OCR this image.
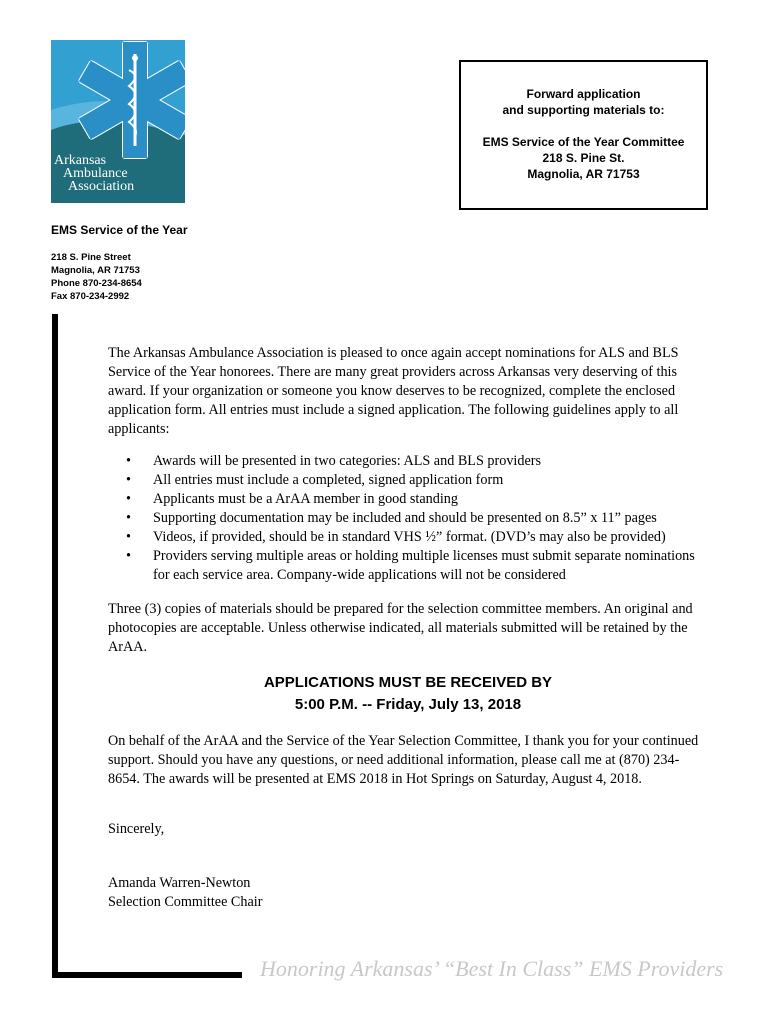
Arkansas
Ambulance
Association
Forward application
and supporting materials to:
EMS Service of the Year Committee
218 S. Pine St.
Magnolia, AR 71753
EMS Service of the Year
218 S. Pine Street
Magnolia, AR 71753
Phone 870-234-8654
Fax 870-234-2992
The Arkansas Ambulance Association is pleased to once again accept nominations for ALS and BLS Service of the Year honorees. There are many great providers across Arkansas very deserving of this award. If your organization or someone you know deserves to be recognized, complete the enclosed application form. All entries must include a signed application. The following guidelines apply to all applicants:
• Awards will be presented in two categories: ALS and BLS providers
• All entries must include a completed, signed application form
• Applicants must be a ArAA member in good standing
• Supporting documentation may be included and should be presented on 8.5” x 11” pages
• Videos, if provided, should be in standard VHS ½” format. (DVD’s may also be provided)
• Providers serving multiple areas or holding multiple licenses must submit separate nominations for each service area. Company-wide applications will not be considered
Three (3) copies of materials should be prepared for the selection committee members. An original and photocopies are acceptable. Unless otherwise indicated, all materials submitted will be retained by the ArAA.
APPLICATIONS MUST BE RECEIVED BY
5:00 P.M. -- Friday, July 13, 2018
On behalf of the ArAA and the Service of the Year Selection Committee, I thank you for your continued support. Should you have any questions, or need additional information, please call me at (870) 234-8654. The awards will be presented at EMS 2018 in Hot Springs on Saturday, August 4, 2018.
Sincerely,
Amanda Warren-Newton
Selection Committee Chair
Honoring Arkansas’ “Best In Class” EMS Providers
